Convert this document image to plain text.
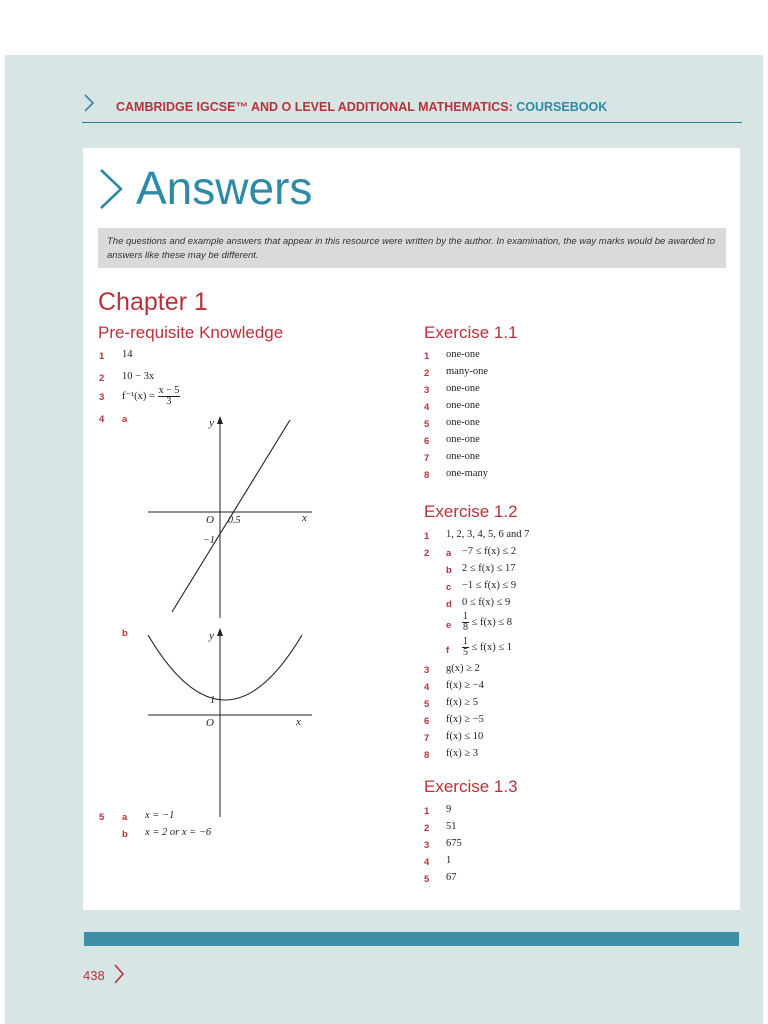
CAMBRIDGE IGCSE™ AND O LEVEL ADDITIONAL MATHEMATICS: COURSEBOOK
Answers
The questions and example answers that appear in this resource were written by the author. In examination, the way marks would be awarded to answers like these may be different.
Chapter 1
Pre-requisite Knowledge
1 14
2 10 − 3x
3 $f^{-1}(x) = \frac{x - 5}{3}$
4 a	y
x
O 0.5
−1
b	y
x
O
1
5 a x = −1
b x = 2 or x = −6
Exercise 1.1
1 one-one
2 many-one
3 one-one
4 one-one
5 one-one
6 one-one
7 one-one
8 one-many
Exercise 1.2
1 1, 2, 3, 4, 5, 6 and 7
2 a −7 ≤ f(x) ≤ 2
b 2 ≤ f(x) ≤ 17
c −1 ≤ f(x) ≤ 9
d 0 ≤ f(x) ≤ 9
e $\frac{1}{8} \le f(x) \le 8$
f $\frac{1}{5} \le f(x) \le 1$
3 g(x) ≥ 2
4 f(x) ≥ −4
5 f(x) ≥ 5
6 f(x) ≥ −5
7 f(x) ≤ 10
8 f(x) ≥ 3
Exercise 1.3
1 9
2 51
3 675
4 1
5 67
438
